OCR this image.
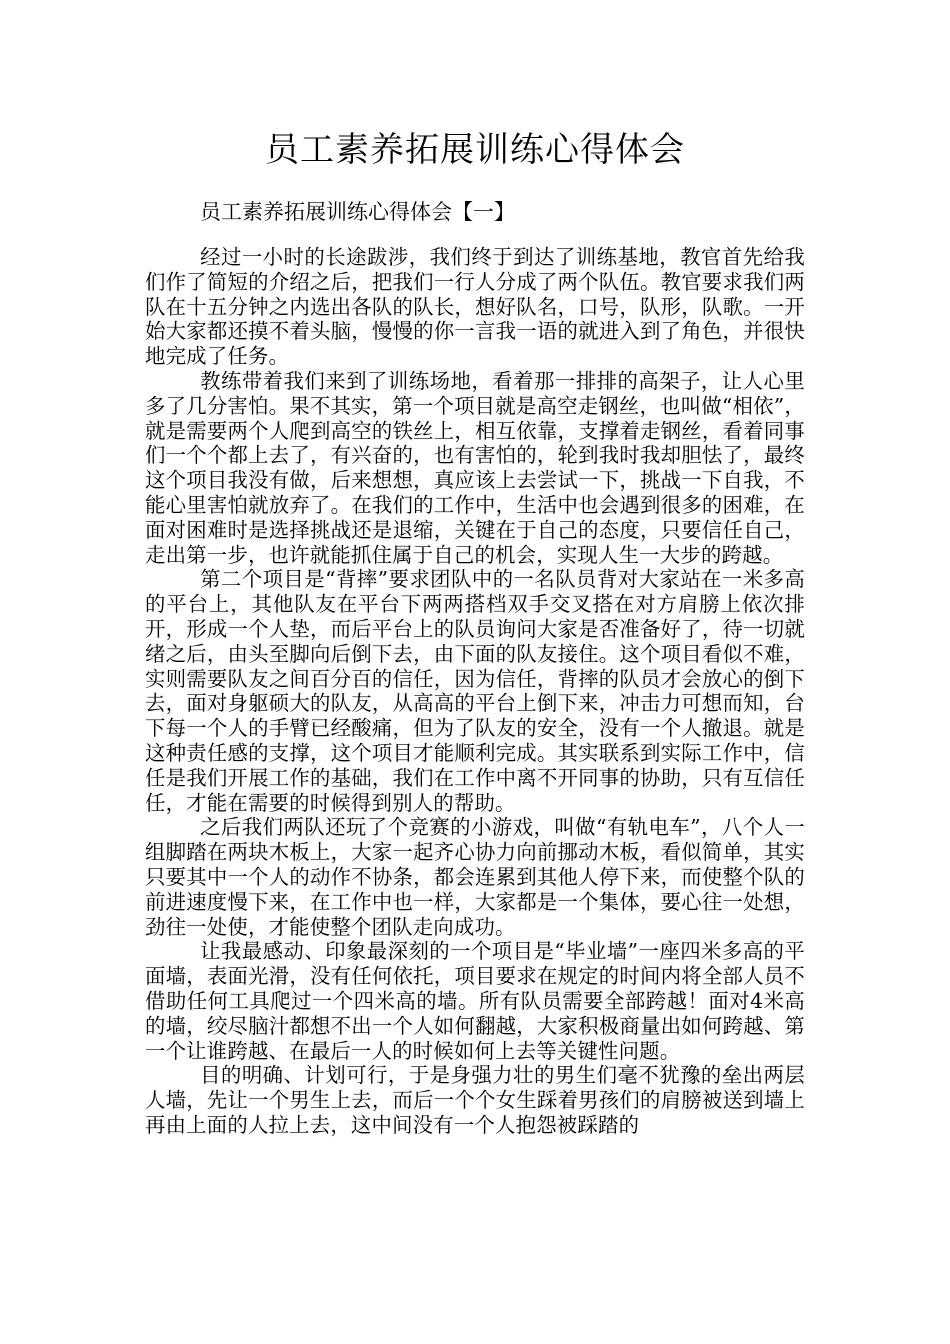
员工素养拓展训练心得体会
员工素养拓展训练心得体会【一】

经过一小时的长途跋涉，我们终于到达了训练基地，教官首先给我们作了简短的介绍之后，把我们一行人分成了两个队伍。教官要求我们两队在十五分钟之内选出各队的队长，想好队名，口号，队形，队歌。一开始大家都还摸不着头脑，慢慢的你一言我一语的就进入到了角色，并很快地完成了任务。

教练带着我们来到了训练场地，看着那一排排的高架子，让人心里多了几分害怕。果不其实，第一个项目就是高空走钢丝，也叫做“相依”，就是需要两个人爬到高空的铁丝上，相互依靠，支撑着走钢丝，看着同事们一个个都上去了，有兴奋的，也有害怕的，轮到我时我却胆怯了，最终这个项目我没有做，后来想想，真应该上去尝试一下，挑战一下自我，不能心里害怕就放弃了。在我们的工作中，生活中也会遇到很多的困难，在面对困难时是选择挑战还是退缩，关键在于自己的态度，只要信任自己，走出第一步，也许就能抓住属于自己的机会，实现人生一大步的跨越。

第二个项目是“背摔”要求团队中的一名队员背对大家站在一米多高的平台上，其他队友在平台下两两搭档双手交叉搭在对方肩膀上依次排开，形成一个人垫，而后平台上的队员询问大家是否准备好了，待一切就绪之后，由头至脚向后倒下去，由下面的队友接住。这个项目看似不难，实则需要队友之间百分百的信任，因为信任，背摔的队员才会放心的倒下去，面对身躯硕大的队友，从高高的平台上倒下来，冲击力可想而知，台下每一个人的手臂已经酸痛，但为了队友的安全，没有一个人撤退。就是这种责任感的支撑，这个项目才能顺利完成。其实联系到实际工作中，信任是我们开展工作的基础，我们在工作中离不开同事的协助，只有互信任任，才能在需要的时候得到别人的帮助。

之后我们两队还玩了个竞赛的小游戏，叫做“有轨电车”，八个人一组脚踏在两块木板上，大家一起齐心协力向前挪动木板，看似简单，其实只要其中一个人的动作不协条，都会连累到其他人停下来，而使整个队的前进速度慢下来，在工作中也一样，大家都是一个集体，要心往一处想，劲往一处使，才能使整个团队走向成功。

让我最感动、印象最深刻的一个项目是“毕业墙”一座四米多高的平面墙，表面光滑，没有任何依托，项目要求在规定的时间内将全部人员不借助任何工具爬过一个四米高的墙。所有队员需要全部跨越！面对4米高的墙，绞尽脑汁都想不出一个人如何翻越，大家积极商量出如何跨越、第一个让谁跨越、在最后一人的时候如何上去等关键性问题。

目的明确、计划可行，于是身强力壮的男生们毫不犹豫的垒出两层人墙，先让一个男生上去，而后一个个女生踩着男孩们的肩膀被送到墙上再由上面的人拉上去，这中间没有一个人抱怨被踩踏的
